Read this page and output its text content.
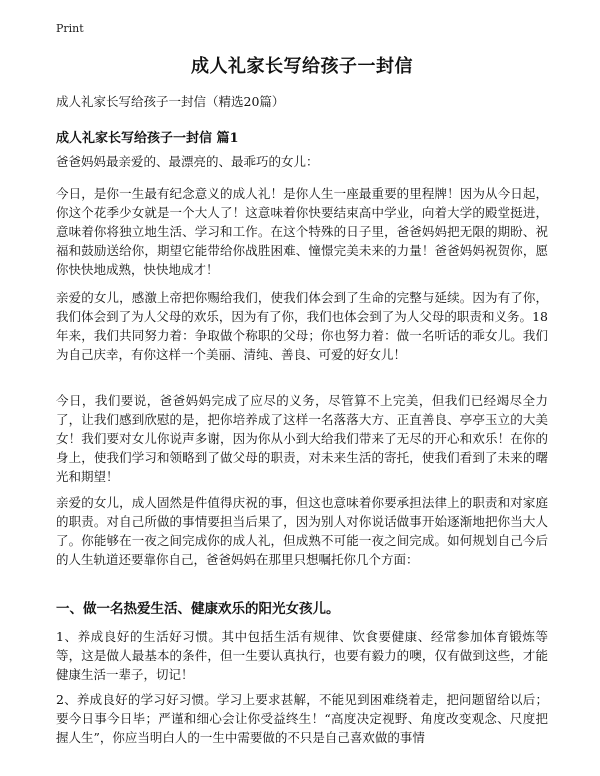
Print
成人礼家长写给孩子一封信
成人礼家长写给孩子一封信（精选20篇）
成人礼家长写给孩子一封信 篇1
爸爸妈妈最亲爱的、最漂亮的、最乖巧的女儿：
今日，是你一生最有纪念意义的成人礼！是你人生一座最重要的里程牌！因为从今日起，你这个花季少女就是一个大人了！这意味着你快要结束高中学业，向着大学的殿堂挺进，意味着你将独立地生活、学习和工作。在这个特殊的日子里，爸爸妈妈把无限的期盼、祝福和鼓励送给你，期望它能带给你战胜困难、憧憬完美未来的力量！爸爸妈妈祝贺你，愿你快快地成熟，快快地成才！
亲爱的女儿，感激上帝把你赐给我们，使我们体会到了生命的完整与延续。因为有了你，我们体会到了为人父母的欢乐，因为有了你，我们也体会到了为人父母的职责和义务。18年来，我们共同努力着：争取做个称职的父母；你也努力着：做一名听话的乖女儿。我们为自己庆幸，有你这样一个美丽、清纯、善良、可爱的好女儿！
今日，我们要说，爸爸妈妈完成了应尽的义务，尽管算不上完美，但我们已经竭尽全力了，让我们感到欣慰的是，把你培养成了这样一名落落大方、正直善良、亭亭玉立的大美女！我们要对女儿你说声多谢，因为你从小到大给我们带来了无尽的开心和欢乐！在你的身上，使我们学习和领略到了做父母的职责，对未来生活的寄托，使我们看到了未来的曙光和期望！
亲爱的女儿，成人固然是件值得庆祝的事，但这也意味着你要承担法律上的职责和对家庭的职责。对自己所做的事情要担当后果了，因为别人对你说话做事开始逐渐地把你当大人了。你能够在一夜之间完成你的成人礼，但成熟不可能一夜之间完成。如何规划自己今后的人生轨道还要靠你自己，爸爸妈妈在那里只想嘱托你几个方面：
一、做一名热爱生活、健康欢乐的阳光女孩儿。
1、养成良好的生活好习惯。其中包括生活有规律、饮食要健康、经常参加体育锻炼等等，这是做人最基本的条件，但一生要认真执行，也要有毅力的噢，仅有做到这些，才能健康生活一辈子，切记！
2、养成良好的学习好习惯。学习上要求甚解，不能见到困难绕着走，把问题留给以后；要今日事今日毕；严谨和细心会让你受益终生！“高度决定视野、角度改变观念、尺度把握人生”，你应当明白人的一生中需要做的不只是自己喜欢做的事情
